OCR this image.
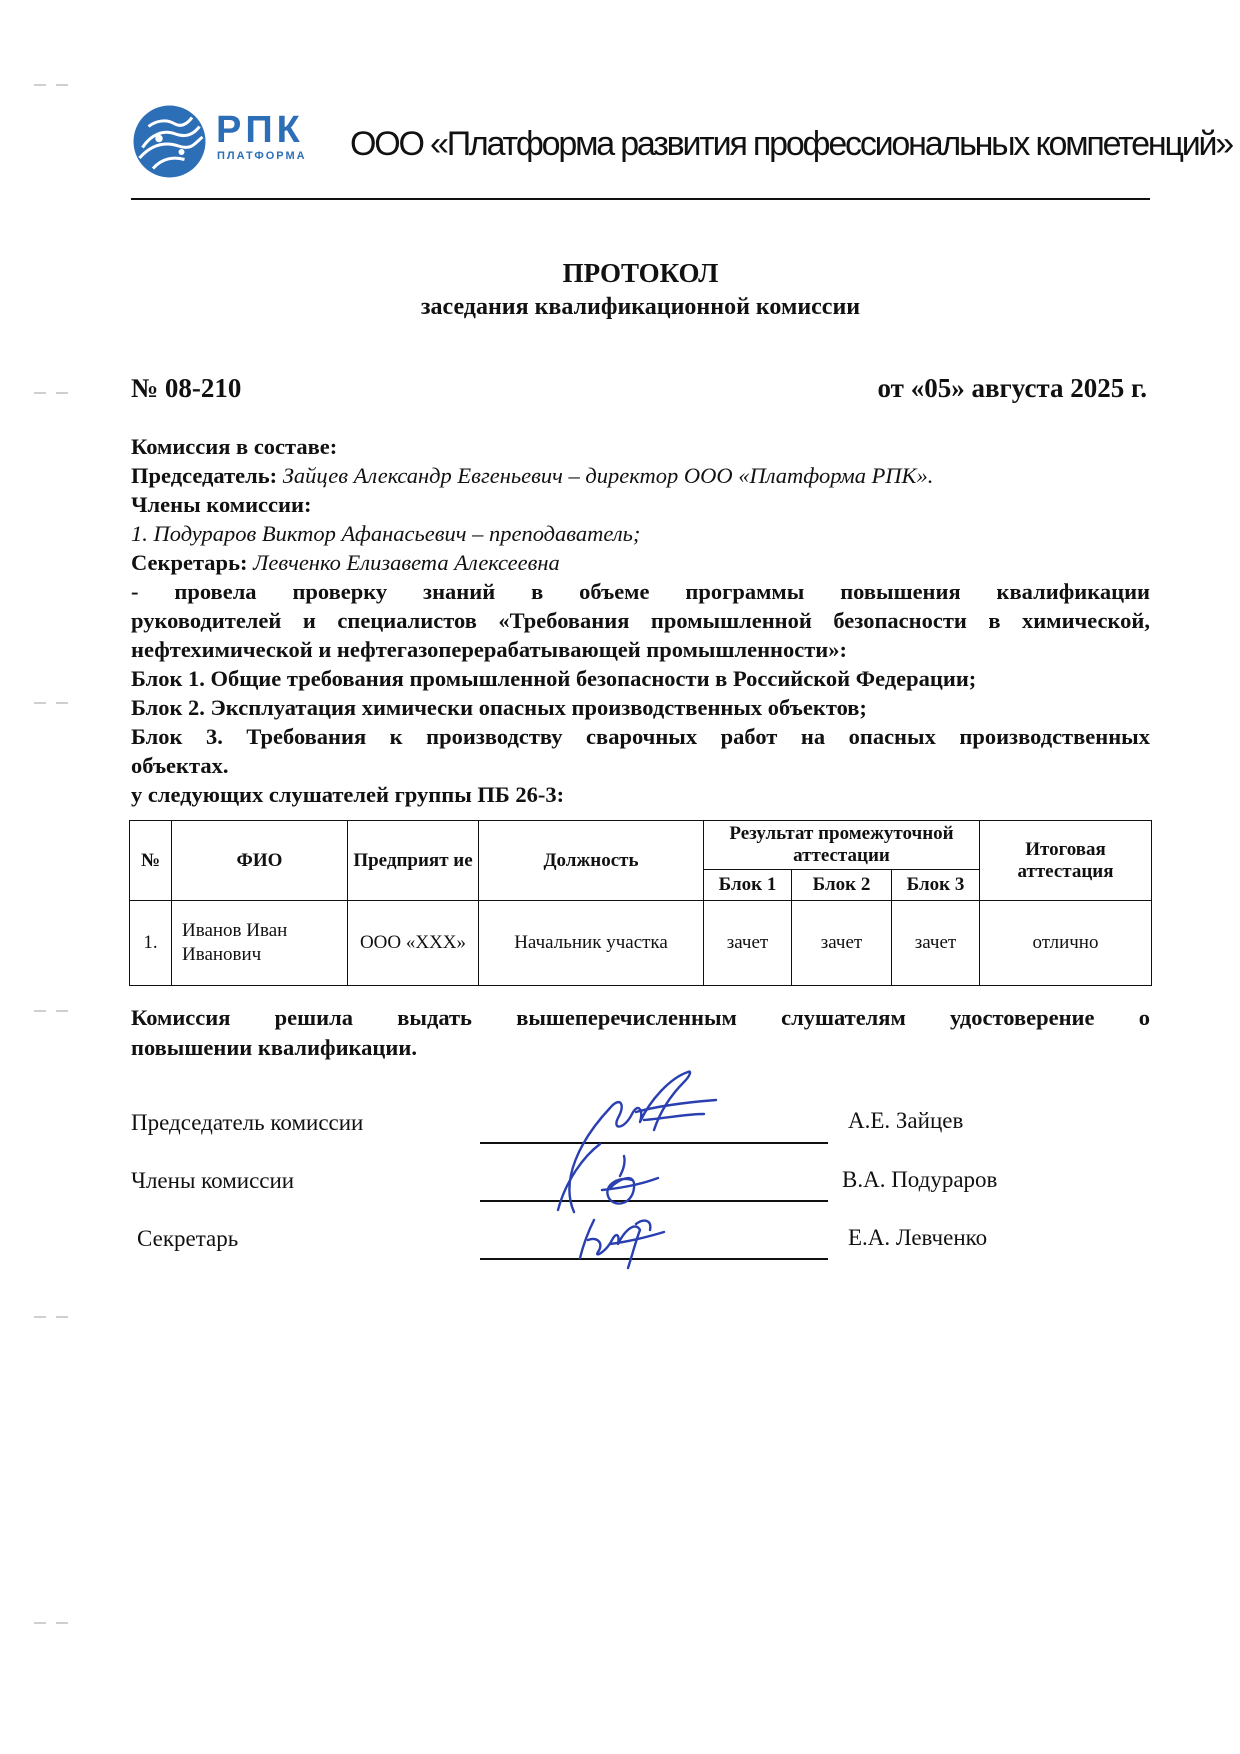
РПК
ПЛАТФОРМА ООО «Платформа развития профессиональных компетенций»
ПРОТОКОЛ
заседания квалификационной комиссии
№ 08-210	от «05» августа 2025 г.

Комиссия в составе:

Председатель: Зайцев Александр Евгеньевич – директор ООО «Платформа РПК».

Члены комиссии:

1. Подураров Виктор Афанасьевич – преподаватель;

Секретарь: Левченко Елизавета Алексеевна

- провела проверку знаний в объеме программы повышения квалификации

руководителей и специалистов «Требования промышленной безопасности в химической,

нефтехимической и нефтегазоперерабатывающей промышленности»:

Блок 1. Общие требования промышленной безопасности в Российской Федерации;

Блок 2. Эксплуатация химически опасных производственных объектов;

Блок 3. Требования к производству сварочных работ на опасных производственных

объектах.

у следующих слушателей группы ПБ 26-3:

№	ФИО	Предприят ие	Должность	Результат промежуточной аттестации			Итоговая аттестация
				Блок 1	Блок 2	Блок 3	
1.	Иванов Иван Иванович	ООО «ХХХ»	Начальник участка	зачет	зачет	зачет	отлично

Комиссия решила выдать вышеперечисленным слушателям удостоверение о

повышении квалификации.

Председатель комиссии	А.Е. Зайцев
Члены комиссии	В.А. Подураров
Секретарь	Е.А. Левченко
